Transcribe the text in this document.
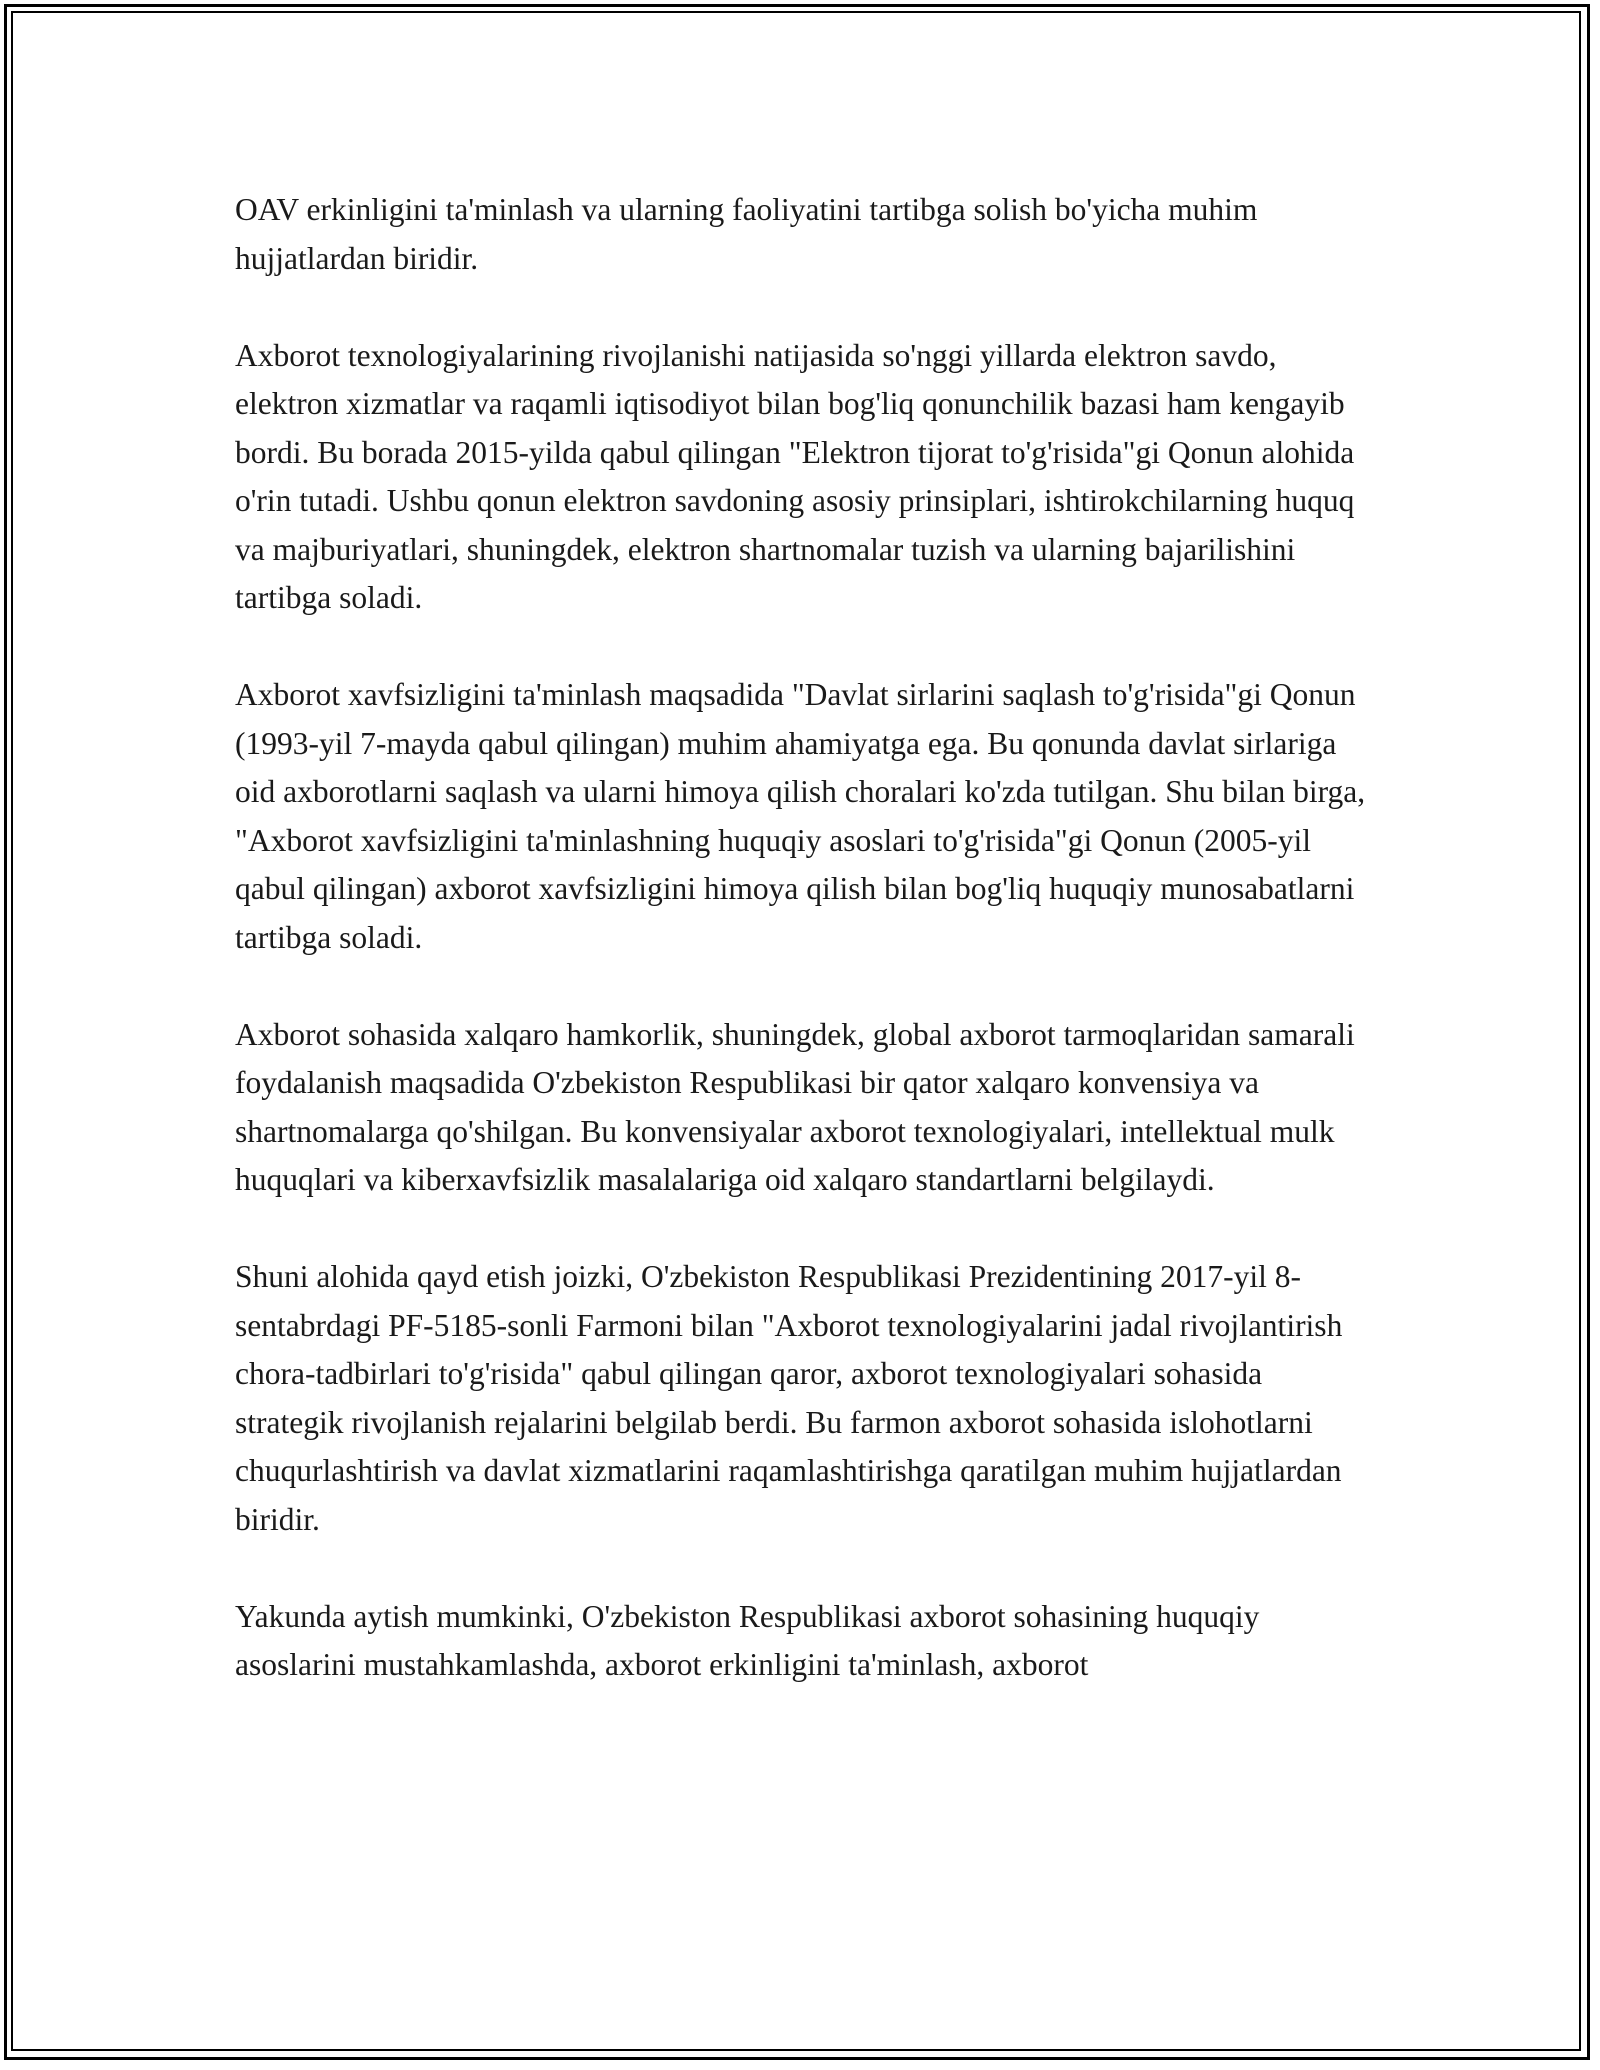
OAV erkinligini ta'minlash va ularning faoliyatini tartibga solish bo'yicha muhim hujjatlardan biridir.

Axborot texnologiyalarining rivojlanishi natijasida so'nggi yillarda elektron savdo, elektron xizmatlar va raqamli iqtisodiyot bilan bog'liq qonunchilik bazasi ham kengayib bordi. Bu borada 2015-yilda qabul qilingan "Elektron tijorat to'g'risida"gi Qonun alohida o'rin tutadi. Ushbu qonun elektron savdoning asosiy prinsiplari, ishtirokchilarning huquq va majburiyatlari, shuningdek, elektron shartnomalar tuzish va ularning bajarilishini tartibga soladi.

Axborot xavfsizligini ta'minlash maqsadida "Davlat sirlarini saqlash to'g'risida"gi Qonun (1993-yil 7-mayda qabul qilingan) muhim ahamiyatga ega. Bu qonunda davlat sirlariga oid axborotlarni saqlash va ularni himoya qilish choralari ko'zda tutilgan. Shu bilan birga, "Axborot xavfsizligini ta'minlashning huquqiy asoslari to'g'risida"gi Qonun (2005-yil qabul qilingan) axborot xavfsizligini himoya qilish bilan bog'liq huquqiy munosabatlarni tartibga soladi.

Axborot sohasida xalqaro hamkorlik, shuningdek, global axborot tarmoqlaridan samarali foydalanish maqsadida O'zbekiston Respublikasi bir qator xalqaro konvensiya va shartnomalarga qo'shilgan. Bu konvensiyalar axborot texnologiyalari, intellektual mulk huquqlari va kiberxavfsizlik masalalariga oid xalqaro standartlarni belgilaydi.

Shuni alohida qayd etish joizki, O'zbekiston Respublikasi Prezidentining 2017-yil 8-sentabrdagi PF-5185-sonli Farmoni bilan "Axborot texnologiyalarini jadal rivojlantirish chora-tadbirlari to'g'risida" qabul qilingan qaror, axborot texnologiyalari sohasida strategik rivojlanish rejalarini belgilab berdi. Bu farmon axborot sohasida islohotlarni chuqurlashtirish va davlat xizmatlarini raqamlashtirishga qaratilgan muhim hujjatlardan biridir.

Yakunda aytish mumkinki, O'zbekiston Respublikasi axborot sohasining huquqiy asoslarini mustahkamlashda, axborot erkinligini ta'minlash, axborot
